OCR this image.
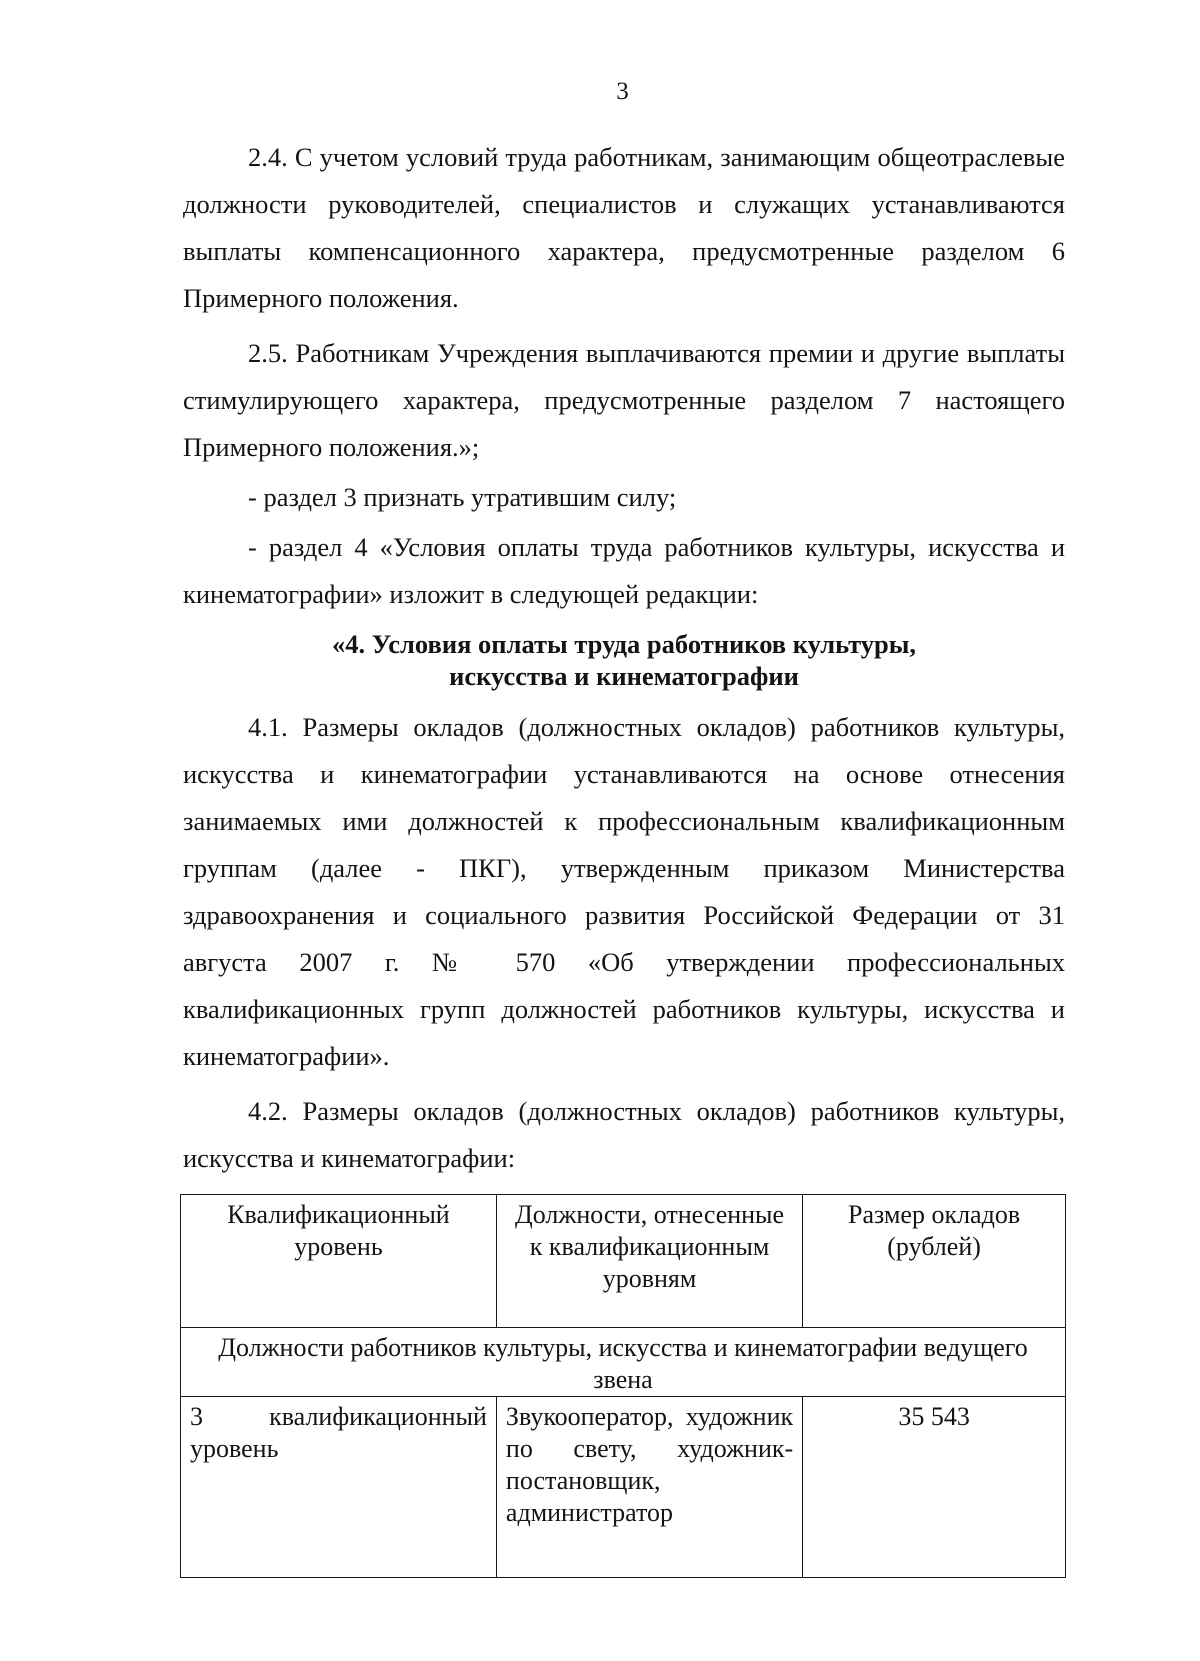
3

2.4. С учетом условий труда работникам, занимающим общеотраслевые должности руководителей, специалистов и служащих устанавливаются выплаты компенсационного характера, предусмотренные разделом 6 Примерного положения.

2.5. Работникам Учреждения выплачиваются премии и другие выплаты стимулирующего характера, предусмотренные разделом 7 настоящего Примерного положения.»;

- раздел 3 признать утратившим силу;

- раздел 4 «Условия оплаты труда работников культуры, искусства и кинематографии» изложит в следующей редакции:

«4. Условия оплаты труда работников культуры,
искусства и кинематографии

4.1. Размеры окладов (должностных окладов) работников культуры, искусства и кинематографии устанавливаются на основе отнесения занимаемых ими должностей к профессиональным квалификационным группам (далее - ПКГ), утвержденным приказом Министерства здравоохранения и социального развития Российской Федерации от 31 августа 2007 г. № 570 «Об утверждении профессиональных квалификационных групп должностей работников культуры, искусства и кинематографии».

4.2. Размеры окладов (должностных окладов) работников культуры, искусства и кинематографии:

Квалификационный уровень	Должности, отнесенные к квалификационным уровням	Размер окладов (рублей)
Должности работников культуры, искусства и кинематографии ведущего звена		
3 квалификационный уровень	Звукооператор, художник по свету, художник-постановщик, администратор	35 543
